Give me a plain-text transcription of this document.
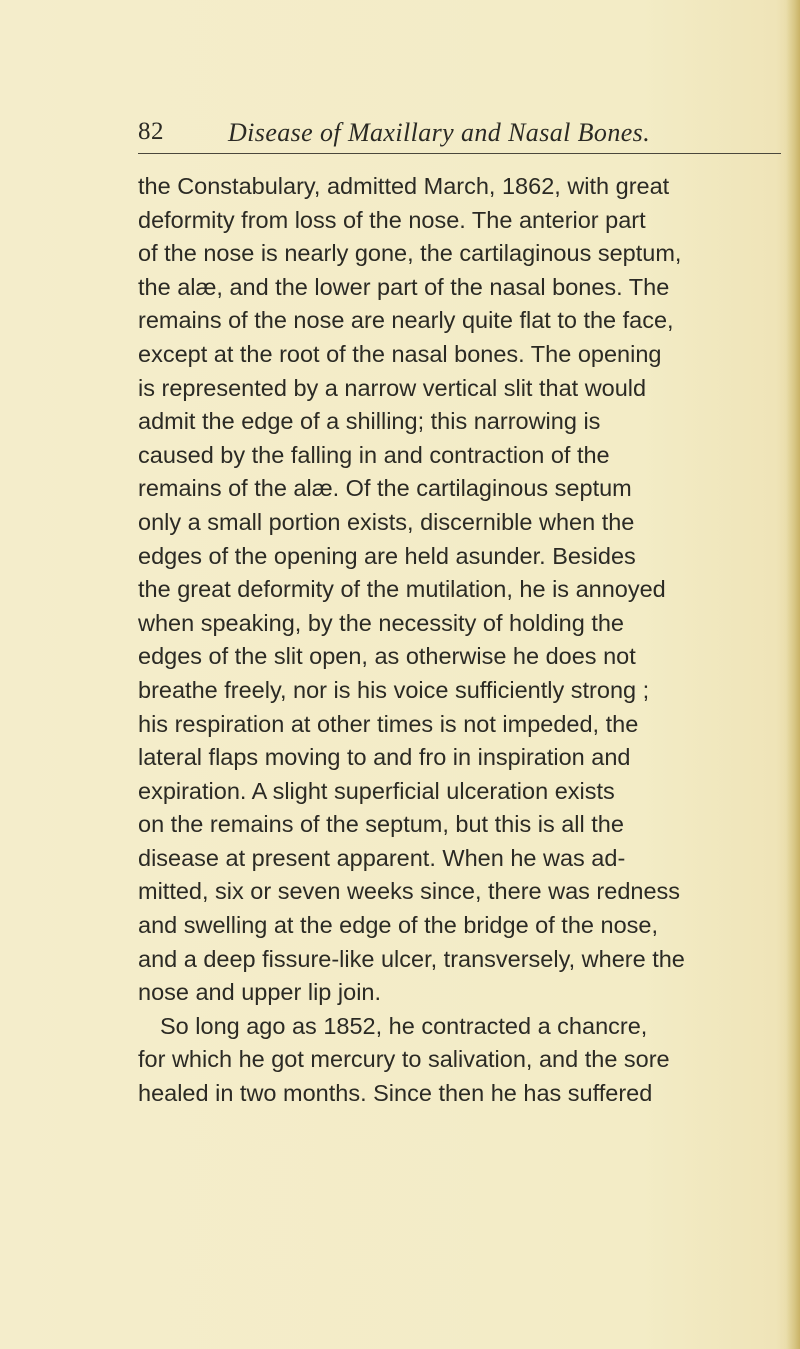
82 Disease of Maxillary and Nasal Bones.
the Constabulary, admitted March, 1862, with great
deformity from loss of the nose. The anterior part
of the nose is nearly gone, the cartilaginous septum,
the alæ, and the lower part of the nasal bones. The
remains of the nose are nearly quite flat to the face,
except at the root of the nasal bones. The opening
is represented by a narrow vertical slit that would
admit the edge of a shilling; this narrowing is
caused by the falling in and contraction of the
remains of the alæ. Of the cartilaginous septum
only a small portion exists, discernible when the
edges of the opening are held asunder. Besides
the great deformity of the mutilation, he is annoyed
when speaking, by the necessity of holding the
edges of the slit open, as otherwise he does not
breathe freely, nor is his voice sufficiently strong ;
his respiration at other times is not impeded, the
lateral flaps moving to and fro in inspiration and
expiration. A slight superficial ulceration exists
on the remains of the septum, but this is all the
disease at present apparent. When he was ad-
mitted, six or seven weeks since, there was redness
and swelling at the edge of the bridge of the nose,
and a deep fissure-like ulcer, transversely, where the
nose and upper lip join.
So long ago as 1852, he contracted a chancre,
for which he got mercury to salivation, and the sore
healed in two months. Since then he has suffered
